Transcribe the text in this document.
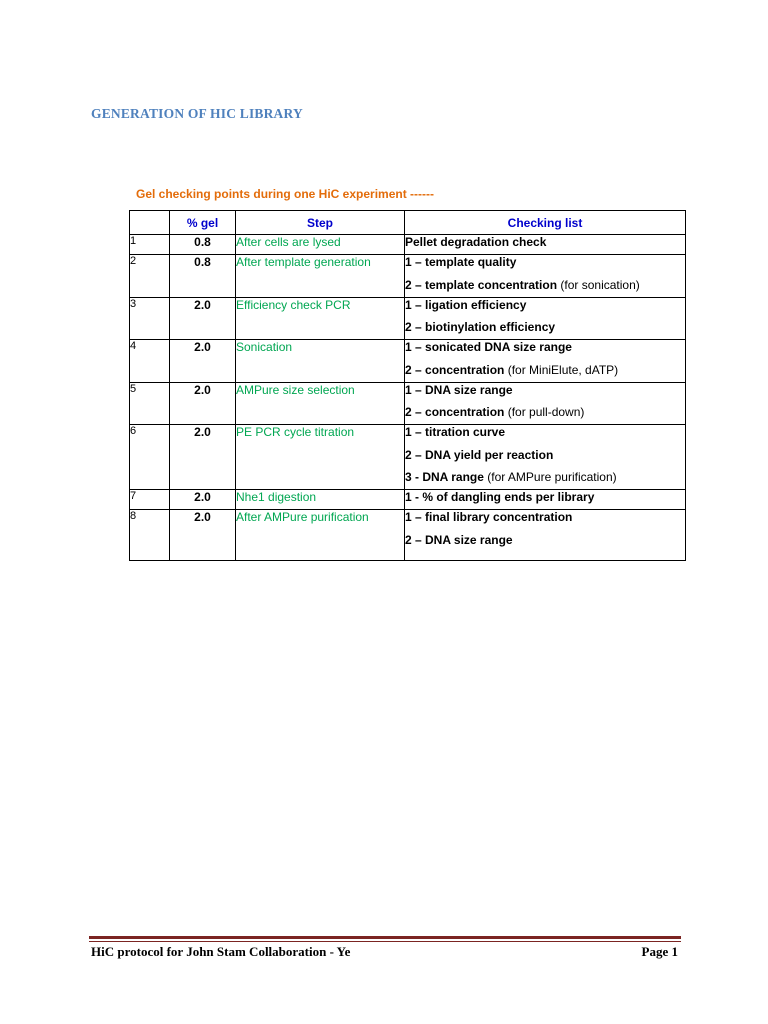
GENERATION OF HIC LIBRARY

Gel checking points during one HiC experiment ------

	% gel	Step	Checking list
1	0.8	After cells are lysed	Pellet degradation check

2	0.8	After template generation	1 – template quality
2 – template concentration (for sonication)

3	2.0	Efficiency check PCR	1 – ligation efficiency
2 – biotinylation efficiency

4	2.0	Sonication	1 – sonicated DNA size range
2 – concentration (for MiniElute, dATP)

5	2.0	AMPure size selection	1 – DNA size range
2 – concentration (for pull-down)

6	2.0	PE PCR cycle titration	1 – titration curve
2 – DNA yield per reaction
3 - DNA range (for AMPure purification)

7	2.0	Nhe1 digestion	1 - % of dangling ends per library

8	2.0	After AMPure purification	1 – final library concentration
2 – DNA size range

HiC protocol for John Stam Collaboration - Ye	Page 1
